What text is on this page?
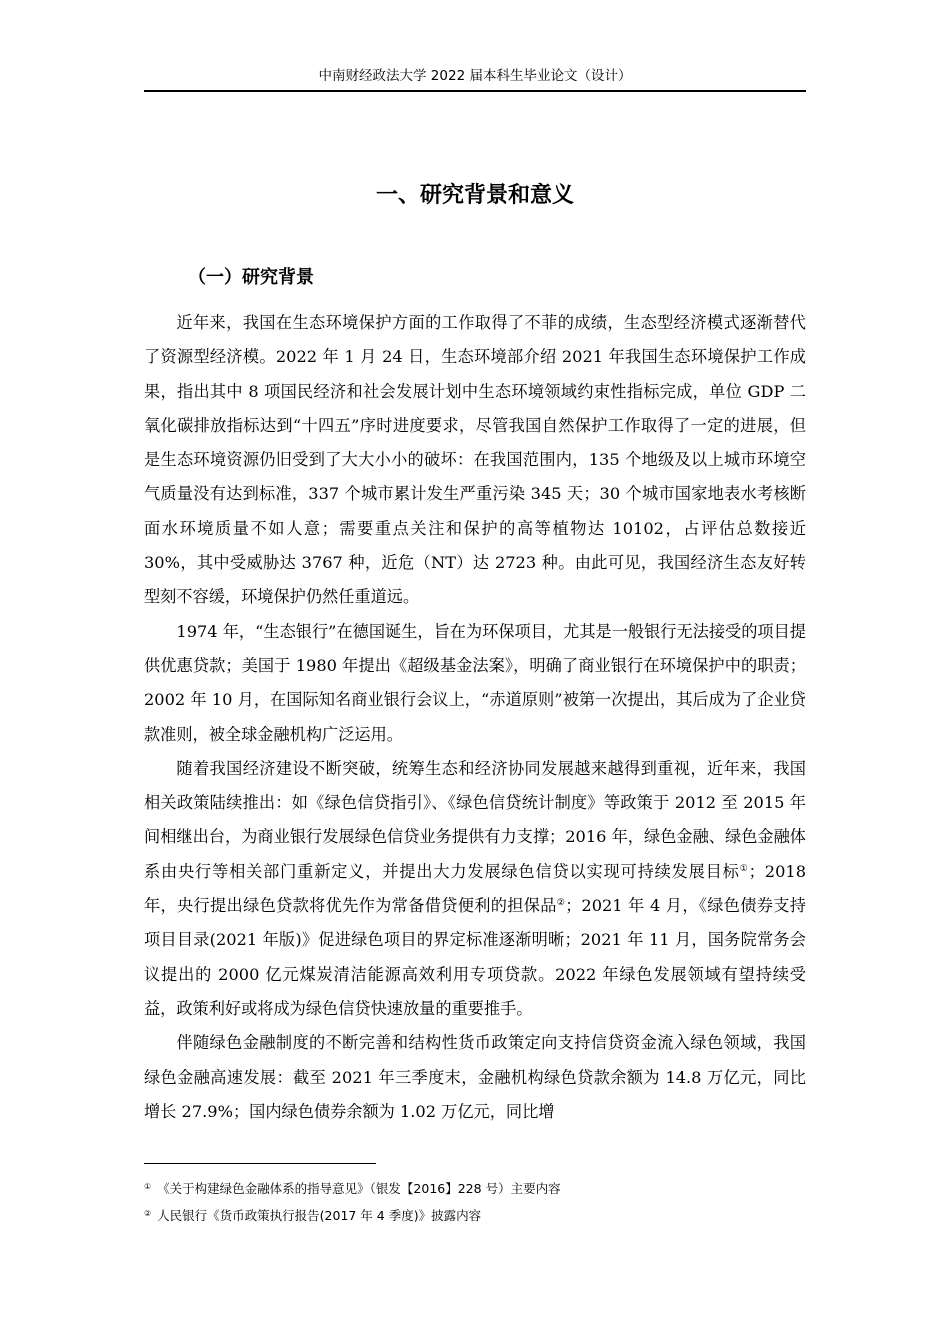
中南财经政法大学 2022 届本科生毕业论文（设计）
一、研究背景和意义
（一）研究背景

近年来，我国在生态环境保护方面的工作取得了不菲的成绩，生态型经济模式逐渐替代了资源型经济模。2022 年 1 月 24 日，生态环境部介绍 2021 年我国生态环境保护工作成果，指出其中 8 项国民经济和社会发展计划中生态环境领域约束性指标完成，单位 GDP 二氧化碳排放指标达到“十四五”序时进度要求，尽管我国自然保护工作取得了一定的进展，但是生态环境资源仍旧受到了大大小小的破坏：在我国范围内，135 个地级及以上城市环境空气质量没有达到标准，337 个城市累计发生严重污染 345 天；30 个城市国家地表水考核断面水环境质量不如人意；需要重点关注和保护的高等植物达 10102，占评估总数接近 30%，其中受威胁达 3767 种，近危（NT）达 2723 种。由此可见，我国经济生态友好转型刻不容缓，环境保护仍然任重道远。

1974 年，“生态银行”在德国诞生，旨在为环保项目，尤其是一般银行无法接受的项目提供优惠贷款；美国于 1980 年提出《超级基金法案》，明确了商业银行在环境保护中的职责；2002 年 10 月，在国际知名商业银行会议上，“赤道原则”被第一次提出，其后成为了企业贷款准则，被全球金融机构广泛运用。

随着我国经济建设不断突破，统筹生态和经济协同发展越来越得到重视，近年来，我国相关政策陆续推出：如《绿色信贷指引》、《绿色信贷统计制度》等政策于 2012 至 2015 年间相继出台，为商业银行发展绿色信贷业务提供有力支撑；2016 年，绿色金融、绿色金融体系由央行等相关部门重新定义，并提出大力发展绿色信贷以实现可持续发展目标①；2018 年，央行提出绿色贷款将优先作为常备借贷便利的担保品②；2021 年 4 月，《绿色债券支持项目目录(2021 年版)》促进绿色项目的界定标准逐渐明晰；2021 年 11 月，国务院常务会议提出的 2000 亿元煤炭清洁能源高效利用专项贷款。2022 年绿色发展领域有望持续受益，政策利好或将成为绿色信贷快速放量的重要推手。

伴随绿色金融制度的不断完善和结构性货币政策定向支持信贷资金流入绿色领域，我国绿色金融高速发展：截至 2021 年三季度末，金融机构绿色贷款余额为 14.8 万亿元，同比增长 27.9%；国内绿色债券余额为 1.02 万亿元，同比增

① 《关于构建绿色金融体系的指导意见》（银发【2016】228 号）主要内容
② 人民银行《货币政策执行报告(2017 年 4 季度)》披露内容
